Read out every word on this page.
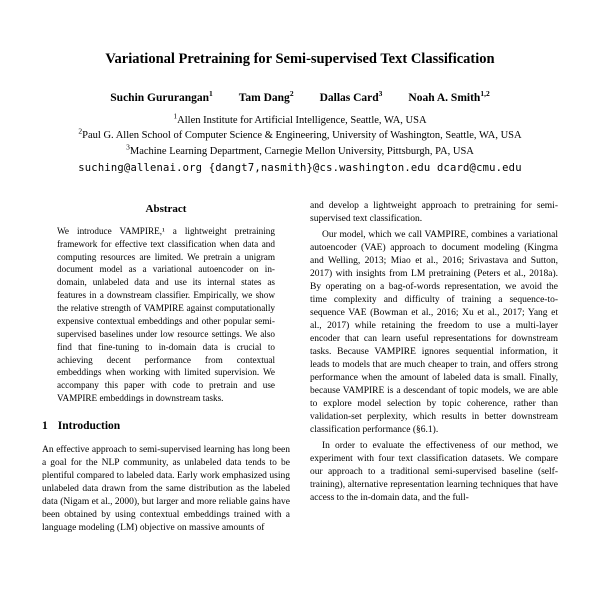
Variational Pretraining for Semi-supervised Text Classification
Suchin Gururangan$^1$ Tam Dang$^2$ Dallas Card$^3$ Noah A. Smith$^{1,2}$
$^1$Allen Institute for Artificial Intelligence, Seattle, WA, USA
$^2$Paul G. Allen School of Computer Science & Engineering, University of Washington, Seattle, WA, USA
$^3$Machine Learning Department, Carnegie Mellon University, Pittsburgh, PA, USA
suching@allenai.org {dangt7,nasmith}@cs.washington.edu dcard@cmu.edu
Abstract

We introduce VAMPIRE,¹ a lightweight pretraining framework for effective text classification when data and computing resources are limited. We pretrain a unigram document model as a variational autoencoder on in-domain, unlabeled data and use its internal states as features in a downstream classifier. Empirically, we show the relative strength of VAMPIRE against computationally expensive contextual embeddings and other popular semi-supervised baselines under low resource settings. We also find that fine-tuning to in-domain data is crucial to achieving decent performance from contextual embeddings when working with limited supervision. We accompany this paper with code to pretrain and use VAMPIRE embeddings in downstream tasks.

1 Introduction

An effective approach to semi-supervised learning has long been a goal for the NLP community, as unlabeled data tends to be plentiful compared to labeled data. Early work emphasized using unlabeled data drawn from the same distribution as the labeled data (Nigam et al., 2000), but larger and more reliable gains have been obtained by using contextual embeddings trained with a language modeling (LM) objective on massive amounts of

and develop a lightweight approach to pretraining for semi-supervised text classification.

Our model, which we call VAMPIRE, combines a variational autoencoder (VAE) approach to document modeling (Kingma and Welling, 2013; Miao et al., 2016; Srivastava and Sutton, 2017) with insights from LM pretraining (Peters et al., 2018a). By operating on a bag-of-words representation, we avoid the time complexity and difficulty of training a sequence-to-sequence VAE (Bowman et al., 2016; Xu et al., 2017; Yang et al., 2017) while retaining the freedom to use a multi-layer encoder that can learn useful representations for downstream tasks. Because VAMPIRE ignores sequential information, it leads to models that are much cheaper to train, and offers strong performance when the amount of labeled data is small. Finally, because VAMPIRE is a descendant of topic models, we are able to explore model selection by topic coherence, rather than validation-set perplexity, which results in better downstream classification performance (§6.1).

In order to evaluate the effectiveness of our method, we experiment with four text classification datasets. We compare our approach to a traditional semi-supervised baseline (self-training), alternative representation learning techniques that have access to the in-domain data, and the full-
